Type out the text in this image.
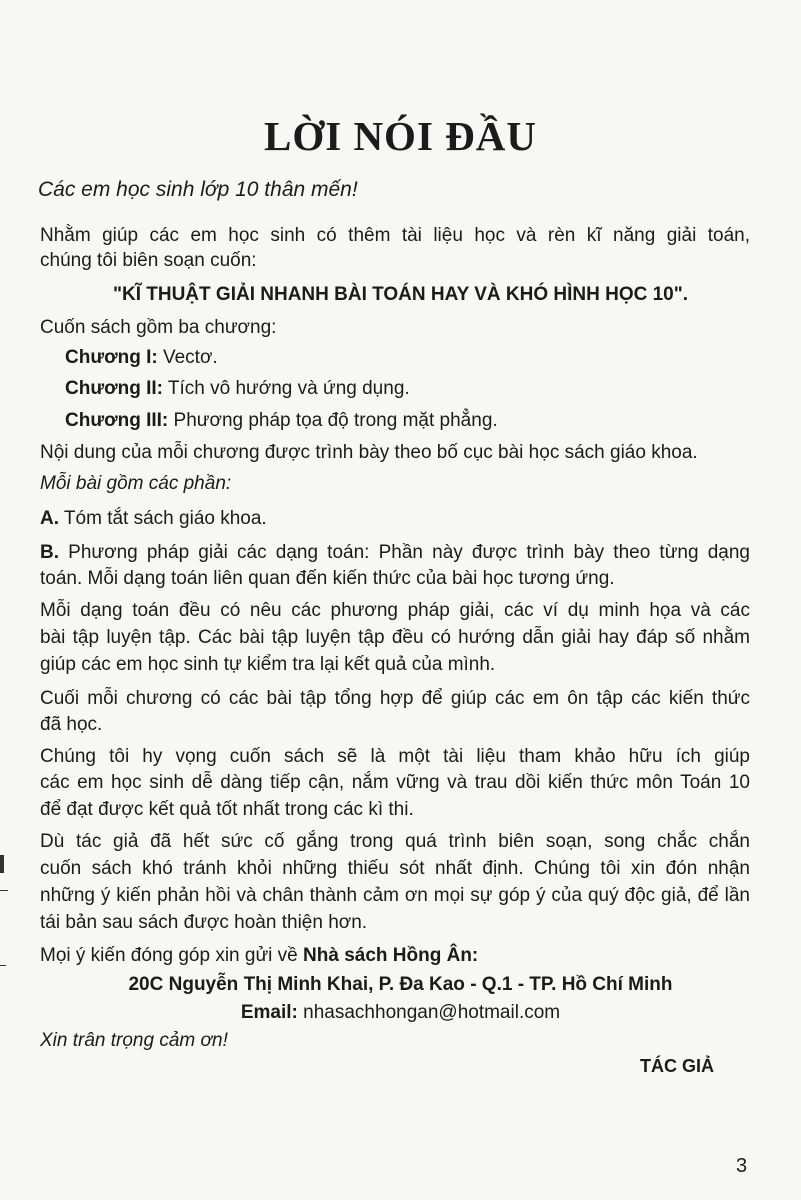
LỜI NÓI ĐẦU
Các em học sinh lớp 10 thân mến!
Nhằm giúp các em học sinh có thêm tài liệu học và rèn kĩ năng giải toán,
chúng tôi biên soạn cuốn:
"KĨ THUẬT GIẢI NHANH BÀI TOÁN HAY VÀ KHÓ HÌNH HỌC 10".
Cuốn sách gồm ba chương:
Chương I: Vectơ.
Chương II: Tích vô hướng và ứng dụng.
Chương III: Phương pháp tọa độ trong mặt phẳng.
Nội dung của mỗi chương được trình bày theo bố cục bài học sách giáo khoa.
Mỗi bài gồm các phần:
A. Tóm tắt sách giáo khoa.
B. Phương pháp giải các dạng toán: Phần này được trình bày theo từng dạng
toán. Mỗi dạng toán liên quan đến kiến thức của bài học tương ứng.
Mỗi dạng toán đều có nêu các phương pháp giải, các ví dụ minh họa và các
bài tập luyện tập. Các bài tập luyện tập đều có hướng dẫn giải hay đáp số nhằm
giúp các em học sinh tự kiểm tra lại kết quả của mình.
Cuối mỗi chương có các bài tập tổng hợp để giúp các em ôn tập các kiến thức
đã học.
Chúng tôi hy vọng cuốn sách sẽ là một tài liệu tham khảo hữu ích giúp
các em học sinh dễ dàng tiếp cận, nắm vững và trau dồi kiến thức môn Toán 10
để đạt được kết quả tốt nhất trong các kì thi.
Dù tác giả đã hết sức cố gắng trong quá trình biên soạn, song chắc chắn
cuốn sách khó tránh khỏi những thiếu sót nhất định. Chúng tôi xin đón nhận
những ý kiến phản hồi và chân thành cảm ơn mọi sự góp ý của quý độc giả, để lần
tái bản sau sách được hoàn thiện hơn.
Mọi ý kiến đóng góp xin gửi về Nhà sách Hồng Ân:
20C Nguyễn Thị Minh Khai, P. Đa Kao - Q.1 - TP. Hồ Chí Minh
Email: nhasachhongan@hotmail.com
Xin trân trọng cảm ơn!
TÁC GIẢ
3
